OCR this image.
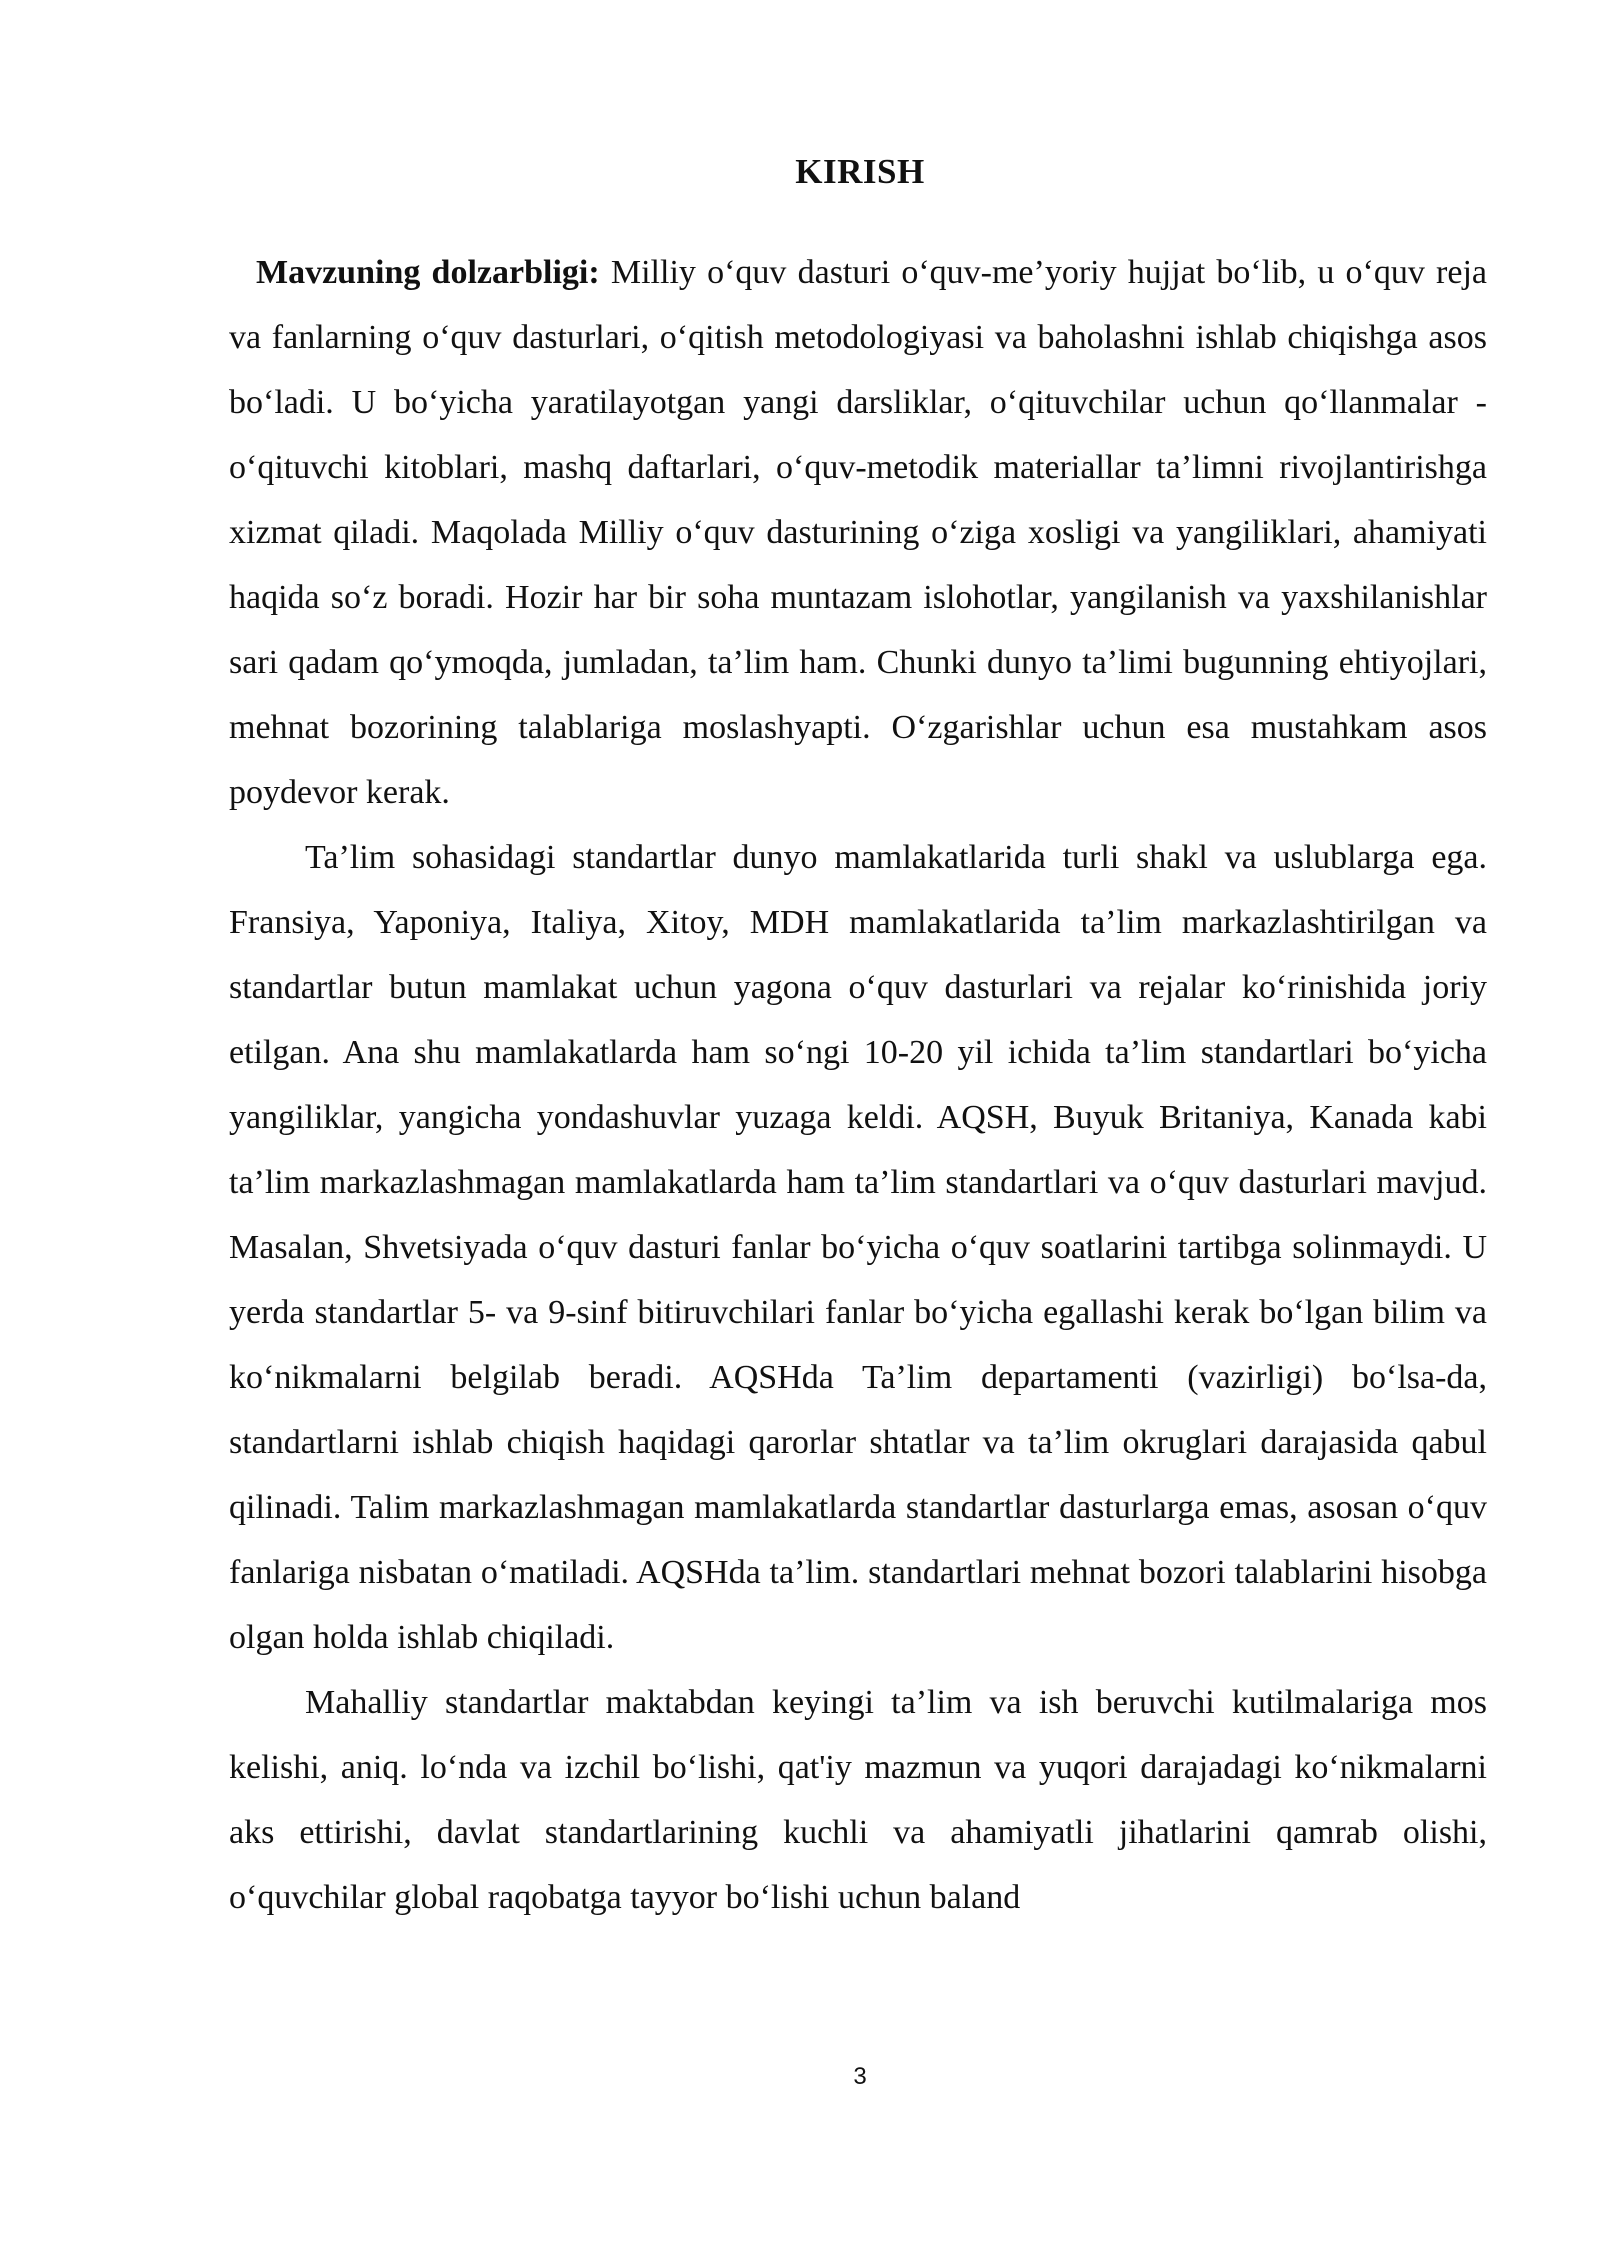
KIRISH

Mavzuning dolzarbligi: Milliy o‘quv dasturi o‘quv-me’yoriy hujjat bo‘lib, u o‘quv reja va fanlarning o‘quv dasturlari, o‘qitish metodologiyasi va baholashni ishlab chiqishga asos bo‘ladi. U bo‘yicha yaratilayotgan yangi darsliklar, o‘qituvchilar uchun qo‘llanmalar -o‘qituvchi kitoblari, mashq daftarlari, o‘quv-metodik materiallar ta’limni rivojlantirishga xizmat qiladi. Maqolada Milliy o‘quv dasturining o‘ziga xosligi va yangiliklari, ahamiyati haqida so‘z boradi. Hozir har bir soha muntazam islohotlar, yangilanish va yaxshilanishlar sari qadam qo‘ymoqda, jumladan, ta’lim ham. Chunki dunyo ta’limi bugunning ehtiyojlari, mehnat bozorining talablariga moslashyapti. O‘zgarishlar uchun esa mustahkam asos poydevor kerak.

Ta’lim sohasidagi standartlar dunyo mamlakatlarida turli shakl va uslublarga ega. Fransiya, Yaponiya, Italiya, Xitoy, MDH mamlakatlarida ta’lim markazlashtirilgan va standartlar butun mamlakat uchun yagona o‘quv dasturlari va rejalar ko‘rinishida joriy etilgan. Ana shu mamlakatlarda ham so‘ngi 10-20 yil ichida ta’lim standartlari bo‘yicha yangiliklar, yangicha yondashuvlar yuzaga keldi. AQSH, Buyuk Britaniya, Kanada kabi ta’lim markazlashmagan mamlakatlarda ham ta’lim standartlari va o‘quv dasturlari mavjud. Masalan, Shvetsiyada o‘quv dasturi fanlar bo‘yicha o‘quv soatlarini tartibga solinmaydi. U yerda standartlar 5- va 9-sinf bitiruvchilari fanlar bo‘yicha egallashi kerak bo‘lgan bilim va ko‘nikmalarni belgilab beradi. AQSHda Ta’lim departamenti (vazirligi) bo‘lsa-da, standartlarni ishlab chiqish haqidagi qarorlar shtatlar va ta’lim okruglari darajasida qabul qilinadi. Talim markazlashmagan mamlakatlarda standartlar dasturlarga emas, asosan o‘quv fanlariga nisbatan o‘matiladi. AQSHda ta’lim. standartlari mehnat bozori talablarini hisobga olgan holda ishlab chiqiladi.

Mahalliy standartlar maktabdan keyingi ta’lim va ish beruvchi kutilmalariga mos kelishi, aniq. lo‘nda va izchil bo‘lishi, qat'iy mazmun va yuqori darajadagi ko‘nikmalarni aks ettirishi, davlat standartlarining kuchli va ahamiyatli jihatlarini qamrab olishi, o‘quvchilar global raqobatga tayyor bo‘lishi uchun baland

3
